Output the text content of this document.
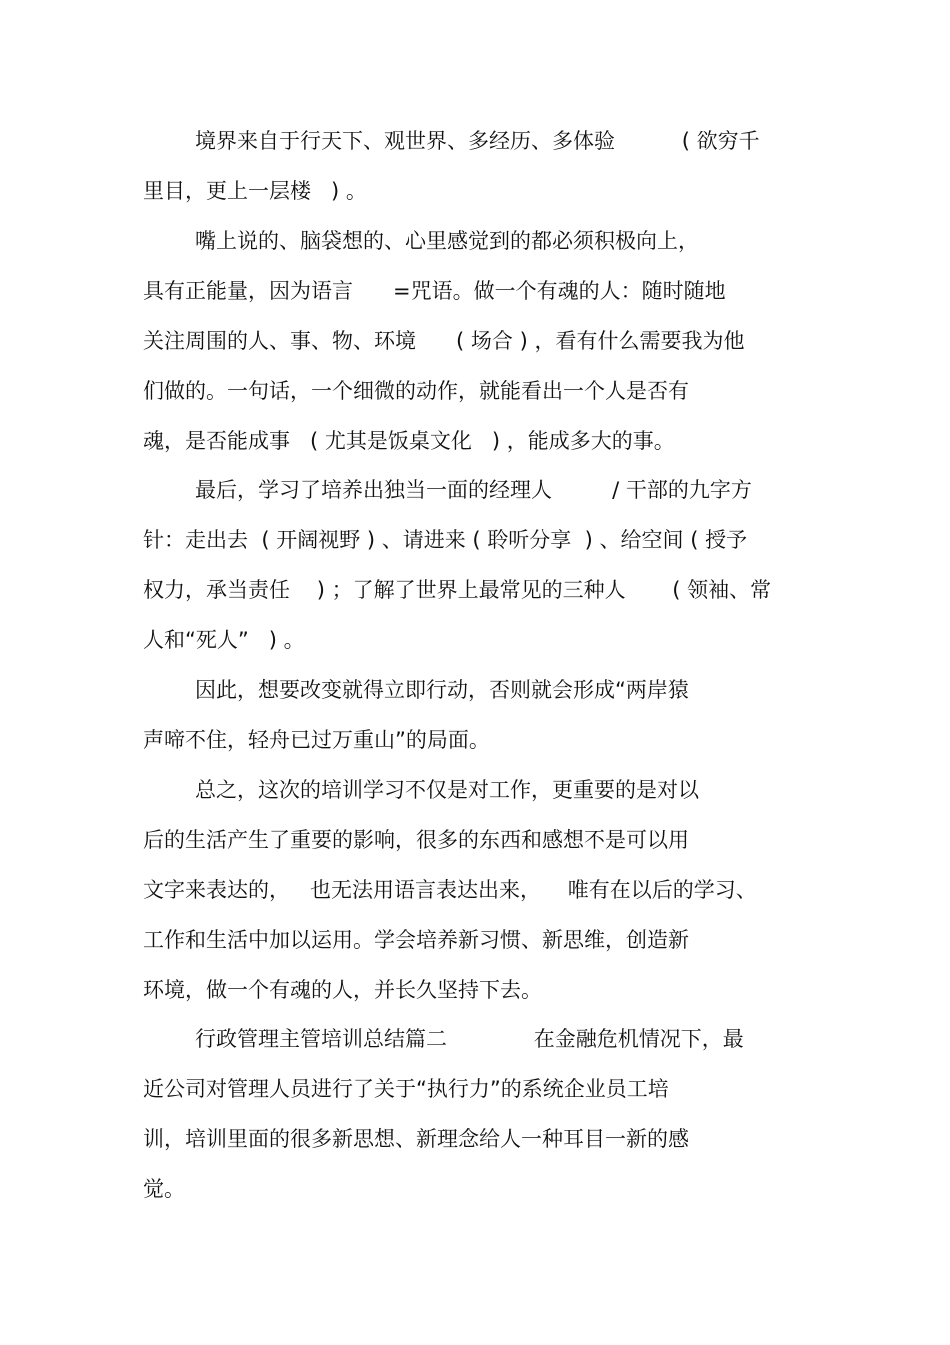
境界来自于行天下、观世界、多经历、多体验          ( 欲穷千
里目，更上一层楼   ) 。
嘴上说的、脑袋想的、心里感觉到的都必须积极向上，
具有正能量，因为语言      =咒语。做一个有魂的人：随时随地
关注周围的人、事、物、环境      ( 场合 ) ，看有什么需要我为他
们做的。一句话，一个细微的动作，就能看出一个人是否有
魂，是否能成事   ( 尤其是饭桌文化   ) ，能成多大的事。
最后，学习了培养出独当一面的经理人         / 干部的九字方
针：走出去  ( 开阔视野 ) 、请进来 ( 聆听分享  ) 、给空间 ( 授予
权力，承当责任    ) ；了解了世界上最常见的三种人       ( 领袖、常
人和“死人”   ) 。
因此，想要改变就得立即行动，否则就会形成“两岸猿
声啼不住，轻舟已过万重山”的局面。
总之，这次的培训学习不仅是对工作，更重要的是对以
后的生活产生了重要的影响，很多的东西和感想不是可以用
文字来表达的，   也无法用语言表达出来，    唯有在以后的学习、
工作和生活中加以运用。学会培养新习惯、新思维，创造新
环境，做一个有魂的人，并长久坚持下去。
行政管理主管培训总结篇二             在金融危机情况下，最
近公司对管理人员进行了关于“执行力”的系统企业员工培
训，培训里面的很多新思想、新理念给人一种耳目一新的感
觉。
